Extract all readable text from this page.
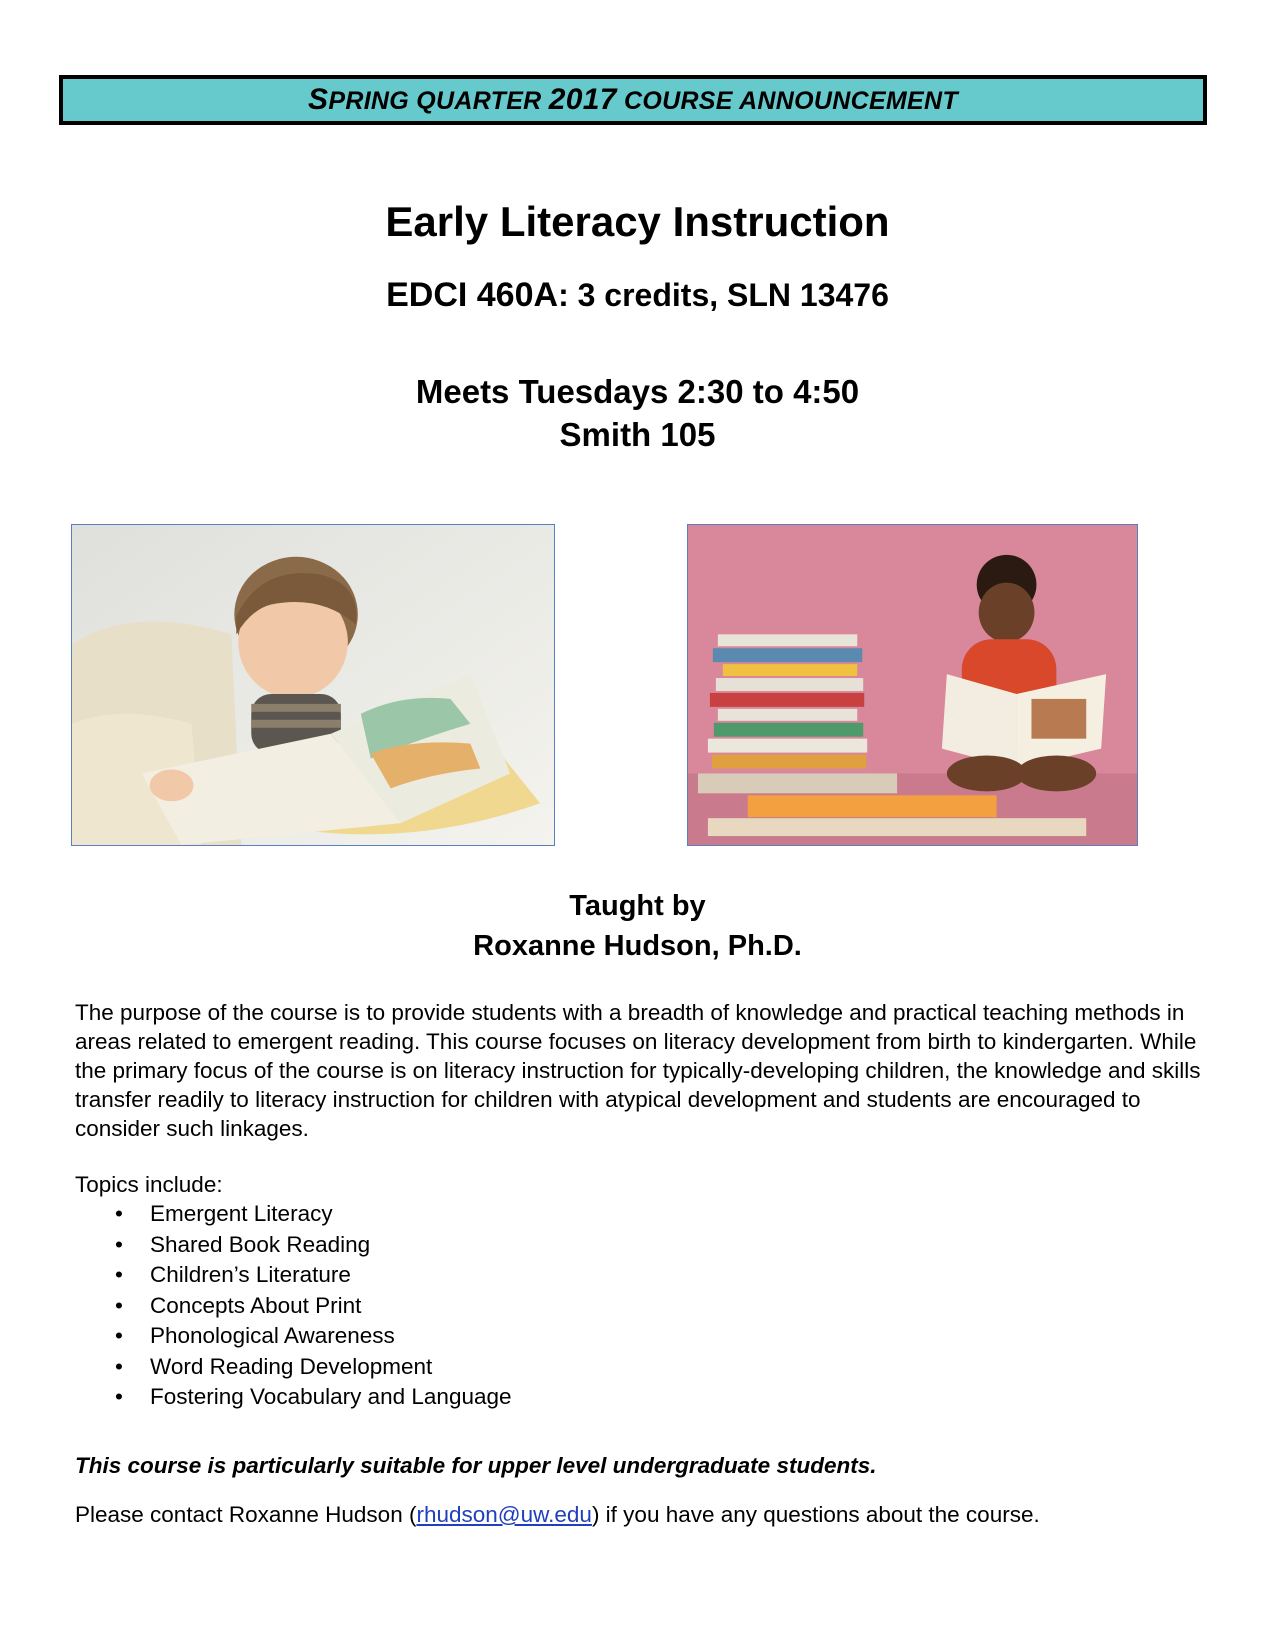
SPRING QUARTER 2017 COURSE ANNOUNCEMENT
Early Literacy Instruction
EDCI 460A: 3 credits, SLN 13476
Meets Tuesdays 2:30 to 4:50
Smith 105
Taught by
Roxanne Hudson, Ph.D.
The purpose of the course is to provide students with a breadth of knowledge and practical teaching methods in areas related to emergent reading. This course focuses on literacy development from birth to kindergarten. While the primary focus of the course is on literacy instruction for typically-developing children, the knowledge and skills transfer readily to literacy instruction for children with atypical development and students are encouraged to consider such linkages.
Topics include:
• Emergent Literacy
• Shared Book Reading
• Children’s Literature
• Concepts About Print
• Phonological Awareness
• Word Reading Development
• Fostering Vocabulary and Language
This course is particularly suitable for upper level undergraduate students.
Please contact Roxanne Hudson (rhudson@uw.edu) if you have any questions about the course.
